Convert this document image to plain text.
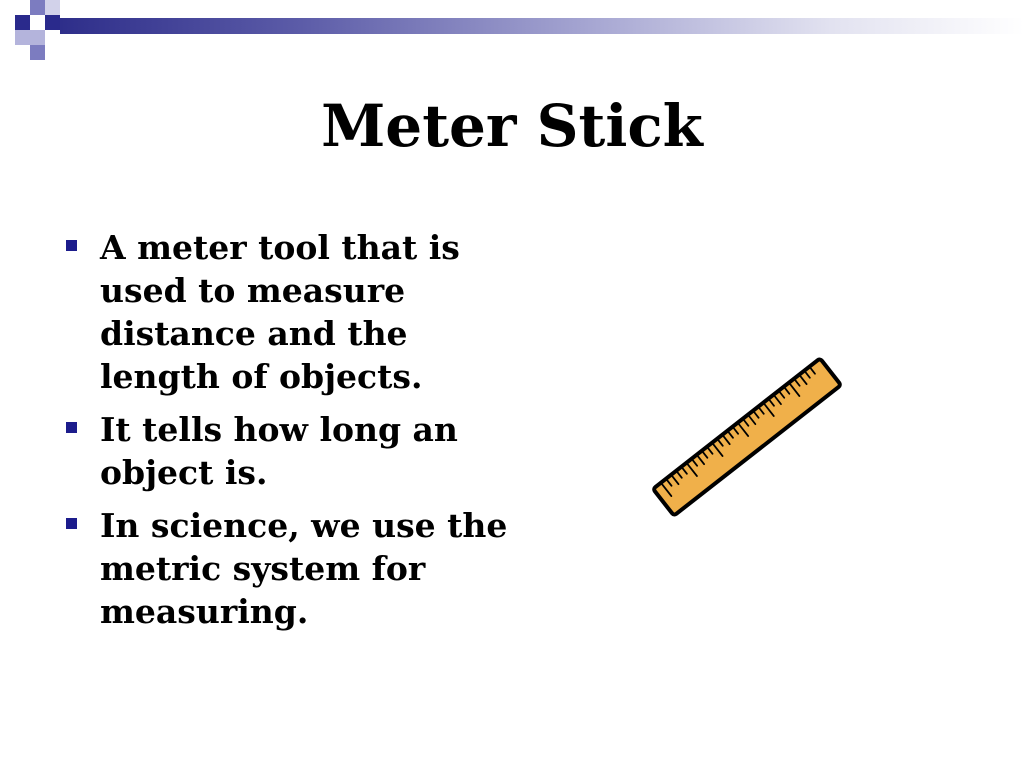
Meter Stick
A meter tool that is used to measure distance and the length of objects.
It tells how long an object is.
In science, we use the metric system for measuring.
